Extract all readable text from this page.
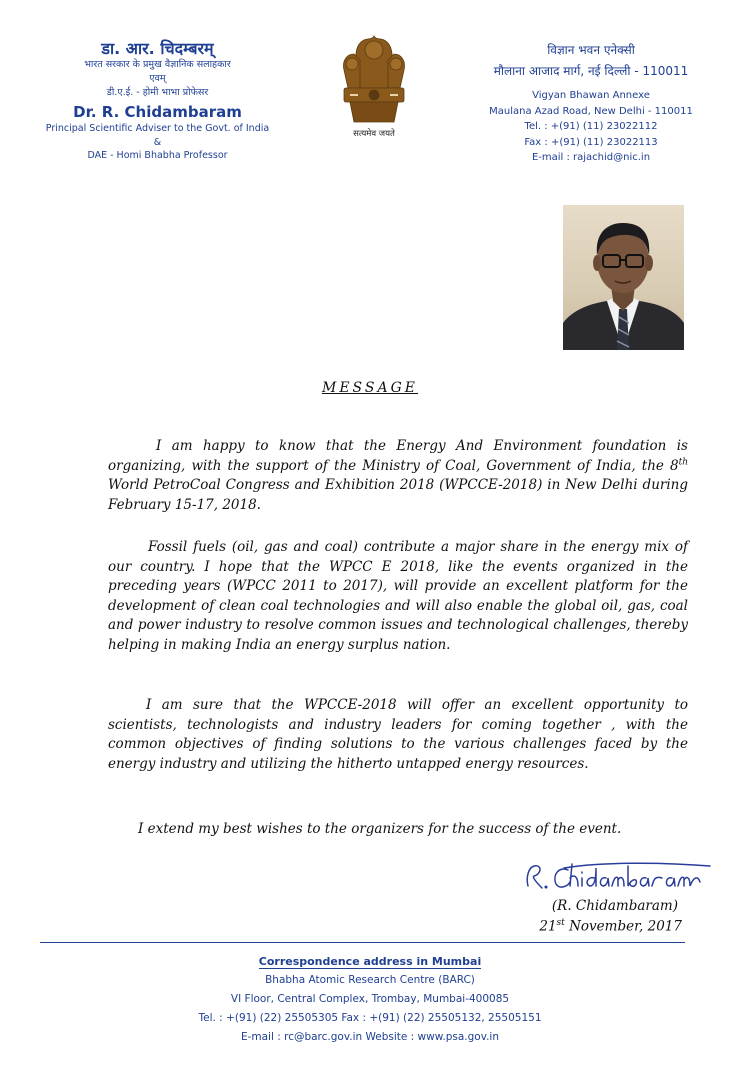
डा. आर. चिदम्बरम्
भारत सरकार के प्रमुख वैज्ञानिक सलाहकार
एवम्
डी.ए.ई. - होमी भाभा प्रोफेसर
Dr. R. Chidambaram
Principal Scientific Adviser to the Govt. of India
&
DAE - Homi Bhabha Professor
सत्यमेव जयते
विज्ञान भवन एनेक्सी
मौलाना आजाद मार्ग, नई दिल्ली - 110011
Vigyan Bhawan Annexe
Maulana Azad Road, New Delhi - 110011
Tel. : +(91) (11) 23022112
Fax : +(91) (11) 23022113
E-mail : rajachid@nic.in
MESSAGE

I am happy to know that the Energy And Environment foundation is organizing, with the support of the Ministry of Coal, Government of India, the 8th World PetroCoal Congress and Exhibition 2018 (WPCCE-2018) in New Delhi during February 15-17, 2018.

Fossil fuels (oil, gas and coal) contribute a major share in the energy mix of our country. I hope that the WPCC E 2018, like the events organized in the preceding years (WPCC 2011 to 2017), will provide an excellent platform for the development of clean coal technologies and will also enable the global oil, gas, coal and power industry to resolve common issues and technological challenges, thereby helping in making India an energy surplus nation.

I am sure that the WPCCE-2018 will offer an excellent opportunity to scientists, technologists and industry leaders for coming together , with the common objectives of finding solutions to the various challenges faced by the energy industry and utilizing the hitherto untapped energy resources.

I extend my best wishes to the organizers for the success of the event.

(R. Chidambaram)
21st November, 2017
Correspondence address in Mumbai
Bhabha Atomic Research Centre (BARC)
VI Floor, Central Complex, Trombay, Mumbai-400085
Tel. : +(91) (22) 25505305 Fax : +(91) (22) 25505132, 25505151
E-mail : rc@barc.gov.in Website : www.psa.gov.in
